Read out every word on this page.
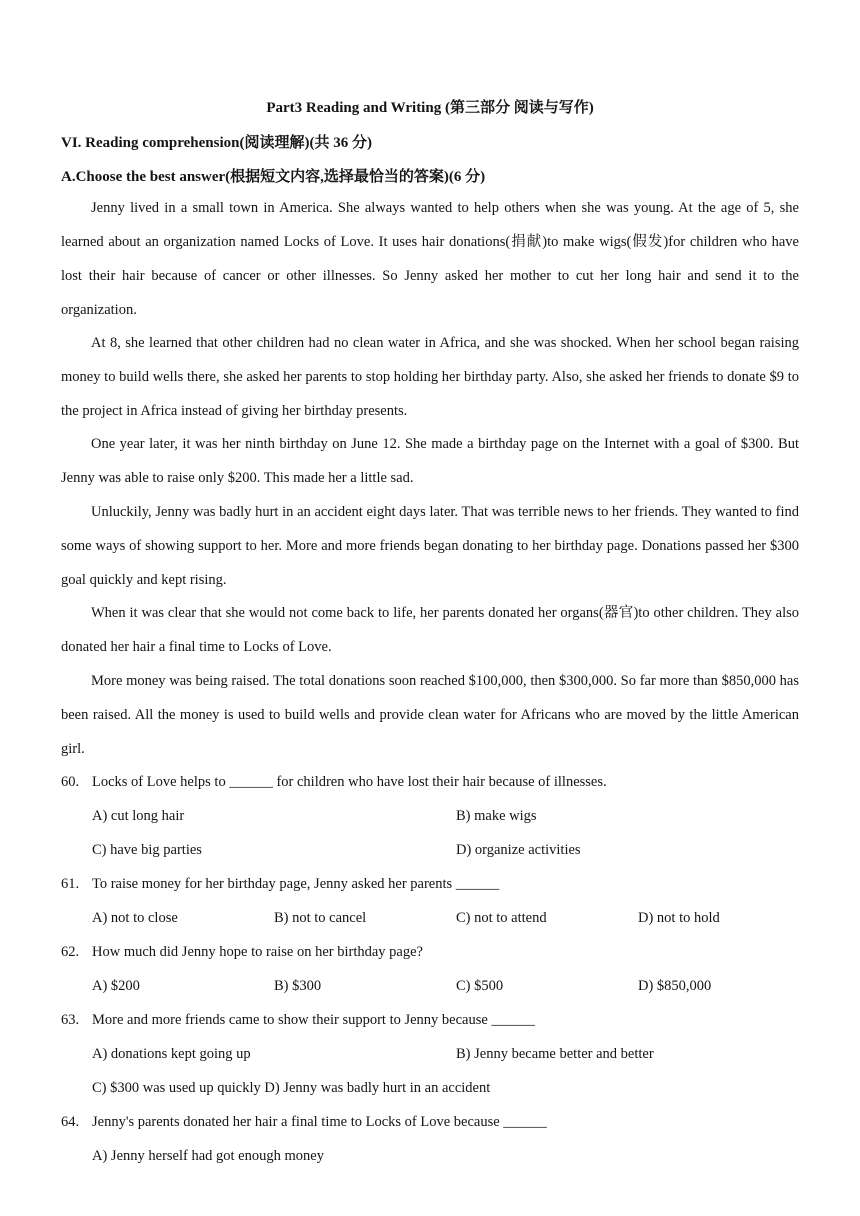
Part3 Reading and Writing (第三部分 阅读与写作)
VI. Reading comprehension(阅读理解)(共 36 分)
A.Choose the best answer(根据短文内容,选择最恰当的答案)(6 分)

Jenny lived in a small town in America. She always wanted to help others when she was young. At the age of 5, she learned about an organization named Locks of Love. It uses hair donations(捐献)to make wigs(假发)for children who have lost their hair because of cancer or other illnesses. So Jenny asked her mother to cut her long hair and send it to the organization.

At 8, she learned that other children had no clean water in Africa, and she was shocked. When her school began raising money to build wells there, she asked her parents to stop holding her birthday party. Also, she asked her friends to donate $9 to the project in Africa instead of giving her birthday presents.

One year later, it was her ninth birthday on June 12. She made a birthday page on the Internet with a goal of $300. But Jenny was able to raise only $200. This made her a little sad.

Unluckily, Jenny was badly hurt in an accident eight days later. That was terrible news to her friends. They wanted to find some ways of showing support to her. More and more friends began donating to her birthday page. Donations passed her $300 goal quickly and kept rising.

When it was clear that she would not come back to life, her parents donated her organs(器官)to other children. They also donated her hair a final time to Locks of Love.

More money was being raised. The total donations soon reached $100,000, then $300,000. So far more than $850,000 has been raised. All the money is used to build wells and provide clean water for Africans who are moved by the little American girl.

60. Locks of Love helps to ______ for children who have lost their hair because of illnesses.
A) cut long hair	B) make wigs
C) have big parties	D) organize activities
61. To raise money for her birthday page, Jenny asked her parents ______
A) not to close	B) not to cancel	C) not to attend	D) not to hold
62. How much did Jenny hope to raise on her birthday page?
A) $200	B) $300	C) $500	D) $850,000
63. More and more friends came to show their support to Jenny because ______
A) donations kept going up	B) Jenny became better and better
C) $300 was used up quickly D) Jenny was badly hurt in an accident
64. Jenny's parents donated her hair a final time to Locks of Love because ______
A) Jenny herself had got enough money
